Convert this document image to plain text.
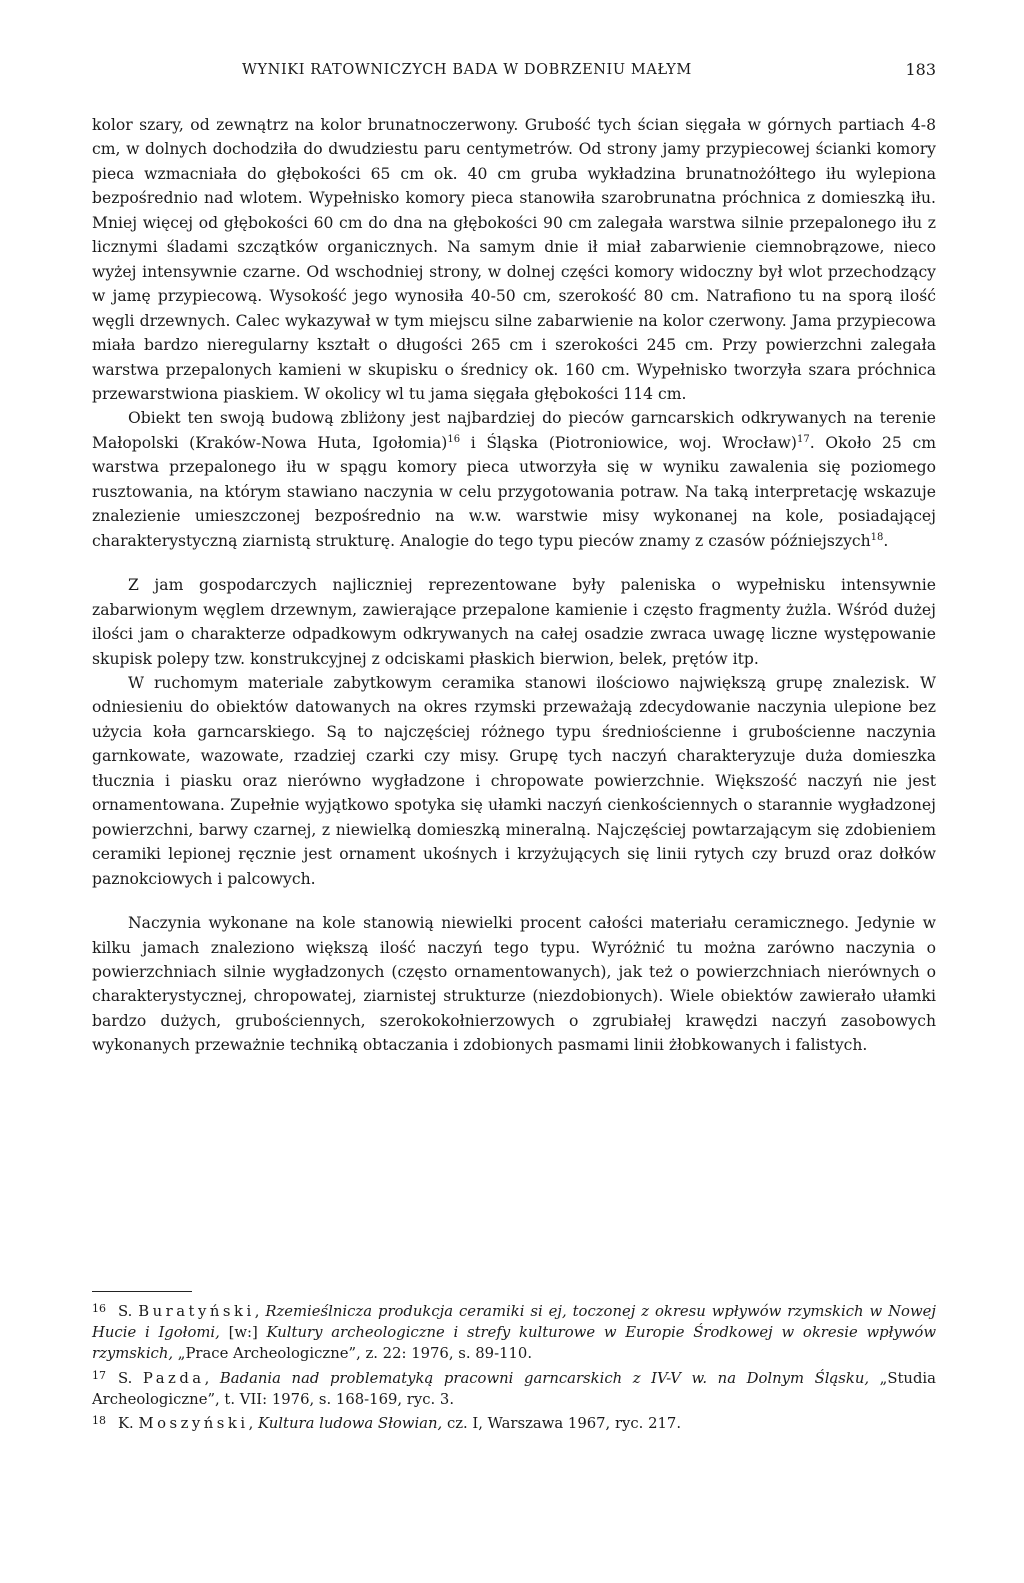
WYNIKI RATOWNICZYCH BADA W DOBRZENIU MAŁYM	183

kolor szary, od zewnątrz na kolor brunatnoczerwony. Grubość tych ścian sięgała w górnych partiach 4-8 cm, w dolnych dochodziła do dwudziestu paru centymetrów. Od strony jamy przypiecowej ścianki komory pieca wzmacniała do głębokości 65 cm ok. 40 cm gruba wykładzina brunatnożółtego iłu wylepiona bezpośrednio nad wlotem. Wypełnisko komory pieca stanowiła szarobrunatna próchnica z domieszką iłu. Mniej więcej od głębokości 60 cm do dna na głębokości 90 cm zalegała warstwa silnie przepalonego iłu z licznymi śladami szczątków organicznych. Na samym dnie ił miał zabarwienie ciemnobrązowe, nieco wyżej intensywnie czarne. Od wschodniej strony, w dolnej części komory widoczny był wlot przechodzący w jamę przypiecową. Wysokość jego wynosiła 40-50 cm, szerokość 80 cm. Natrafiono tu na sporą ilość węgli drzewnych. Calec wykazywał w tym miejscu silne zabarwienie na kolor czerwony. Jama przypiecowa miała bardzo nieregularny kształt o długości 265 cm i szerokości 245 cm. Przy powierzchni zalegała warstwa przepalonych kamieni w skupisku o średnicy ok. 160 cm. Wypełnisko tworzyła szara próchnica przewarstwiona piaskiem. W okolicy wl tu jama sięgała głębokości 114 cm.

Obiekt ten swoją budową zbliżony jest najbardziej do pieców garncarskich odkrywanych na terenie Małopolski (Kraków-Nowa Huta, Igołomia)$^{16}$ i Śląska (Piotroniowice, woj. Wrocław)$^{17}$. Około 25 cm warstwa przepalonego iłu w spągu komory pieca utworzyła się w wyniku zawalenia się poziomego rusztowania, na którym stawiano naczynia w celu przygotowania potraw. Na taką interpretację wskazuje znalezienie umieszczonej bezpośrednio na w.w. warstwie misy wykonanej na kole, posiadającej charakterystyczną ziarnistą strukturę. Analogie do tego typu pieców znamy z czasów późniejszych$^{18}$.

Z jam gospodarczych najliczniej reprezentowane były paleniska o wypełnisku intensywnie zabarwionym węglem drzewnym, zawierające przepalone kamienie i często fragmenty żużla. Wśród dużej ilości jam o charakterze odpadkowym odkrywanych na całej osadzie zwraca uwagę liczne występowanie skupisk polepy tzw. konstrukcyjnej z odciskami płaskich bierwion, belek, prętów itp.

W ruchomym materiale zabytkowym ceramika stanowi ilościowo największą grupę znalezisk. W odniesieniu do obiektów datowanych na okres rzymski przeważają zdecydowanie naczynia ulepione bez użycia koła garncarskiego. Są to najczęściej różnego typu średniościenne i grubościenne naczynia garnkowate, wazowate, rzadziej czarki czy misy. Grupę tych naczyń charakteryzuje duża domieszka tłucznia i piasku oraz nierówno wygładzone i chropowate powierzchnie. Większość naczyń nie jest ornamentowana. Zupełnie wyjątkowo spotyka się ułamki naczyń cienkościennych o starannie wygładzonej powierzchni, barwy czarnej, z niewielką domieszką mineralną. Najczęściej powtarzającym się zdobieniem ceramiki lepionej ręcznie jest ornament ukośnych i krzyżujących się linii rytych czy bruzd oraz dołków paznokciowych i palcowych.

Naczynia wykonane na kole stanowią niewielki procent całości materiału ceramicznego. Jedynie w kilku jamach znaleziono większą ilość naczyń tego typu. Wyróżnić tu można zarówno naczynia o powierzchniach silnie wygładzonych (często ornamentowanych), jak też o powierzchniach nierównych o charakterystycznej, chropowatej, ziarnistej strukturze (niezdobionych). Wiele obiektów zawierało ułamki bardzo dużych, grubościennych, szerokokołnierzowych o zgrubiałej krawędzi naczyń zasobowych wykonanych przeważnie techniką obtaczania i zdobionych pasmami linii żłobkowanych i falistych.

16 S. Buratyński, Rzemieślnicza produkcja ceramiki si ej, toczonej z okresu wpływów rzymskich w Nowej Hucie i Igołomi, [w:] Kultury archeologiczne i strefy kulturowe w Europie Środkowej w okresie wpływów rzymskich, „Prace Archeologiczne”, z. 22: 1976, s. 89-110.

17 S. Pazda, Badania nad problematyką pracowni garncarskich z IV-V w. na Dolnym Śląsku, „Studia Archeologiczne”, t. VII: 1976, s. 168-169, ryc. 3.

18 K. Moszyński, Kultura ludowa Słowian, cz. I, Warszawa 1967, ryc. 217.
